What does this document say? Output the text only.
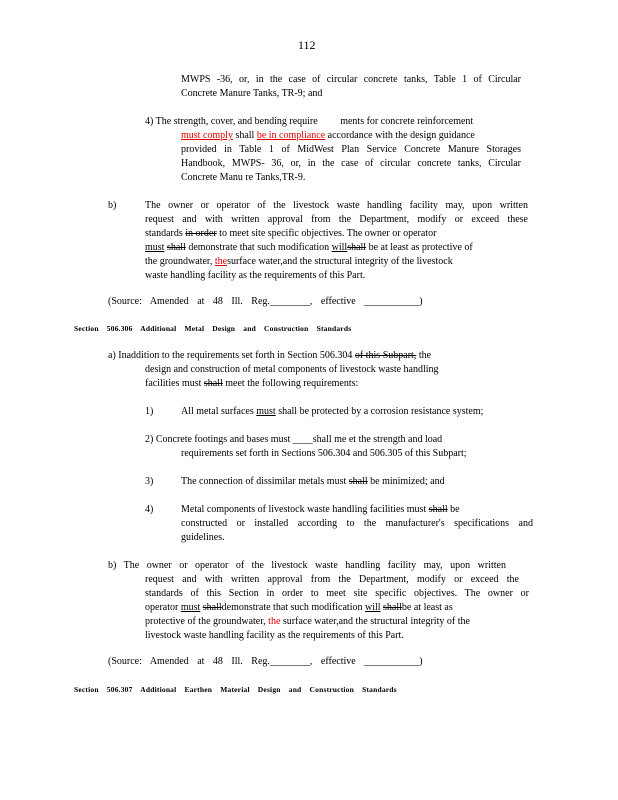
112
MWPS -36, or, in the case of circular concrete tanks, Table 1 of Circular
Concrete Manure Tanks, TR-9; and
4) The strength, cover, and bending require ments for concrete reinforcement
must comply shall be in compliance accordance with the design guidance
provided in Table 1 of MidWest Plan Service Concrete Manure Storages
Handbook, MWPS- 36, or, in the case of circular concrete tanks, Circular
Concrete Manu re Tanks,TR-9.
b)	The owner or operator of the livestock waste handling facility may, upon written
request and with written approval from the Department, modify or exceed these
standards in order to meet site specific objectives. The owner or operator
must shall demonstrate that such modification willshall be at least as protective of
the groundwater, thesurface water,and the structural integrity of the livestock
waste handling facility as the requirements of this Part.
(Source: Amended at 48 Ill. Reg.________, effective ___________)
Section 506.306 Additional Metal Design and Construction Standards
a) Inaddition to the requirements set forth in Section 506.304 of this Subpart, the
design and construction of metal components of livestock waste handling
facilities must shall meet the following requirements:
1)	All metal surfaces must shall be protected by a corrosion resistance system;
2) Concrete footings and bases must ____shall me et the strength and load
requirements set forth in Sections 506.304 and 506.305 of this Subpart;
3)	The connection of dissimilar metals must shall be minimized; and
4)	Metal components of livestock waste handling facilities must shall be
constructed or installed according to the manufacturer's specifications and
guidelines.
b) The owner or operator of the livestock waste handling facility may, upon written
request and with written approval from the Department, modify or exceed the
standards of this Section in order to meet site specific objectives. The owner or
operator must shalldemonstrate that such modification will shallbe at least as
protective of the groundwater, the surface water,and the structural integrity of the
livestock waste handling facility as the requirements of this Part.
(Source: Amended at 48 Ill. Reg.________, effective ___________)
Section 506.307 Additional Earthen Material Design and Construction Standards
